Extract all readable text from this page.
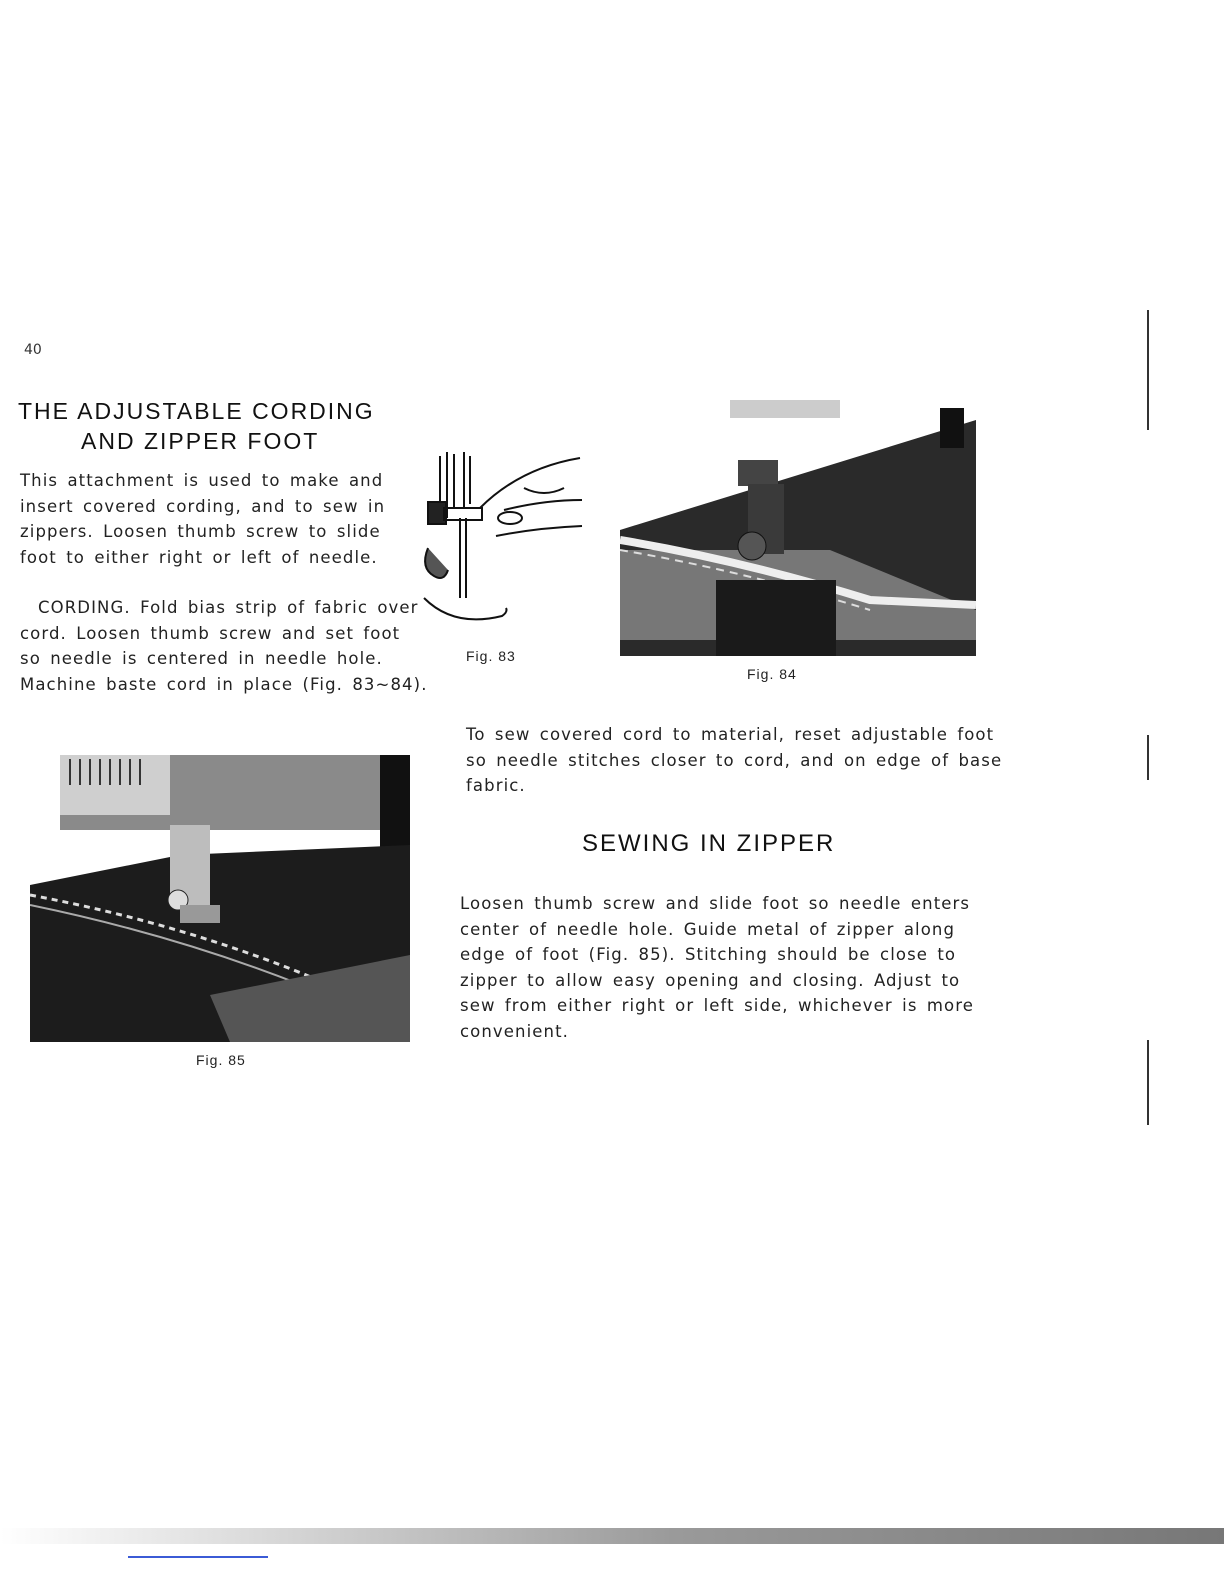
40
THE ADJUSTABLE CORDING
AND ZIPPER FOOT
This attachment is used to make and insert covered cording, and to sew in zippers. Loosen thumb screw to slide foot to either right or left of needle.
CORDING. Fold bias strip of fabric over cord. Loosen thumb screw and set foot so needle is centered in needle hole. Machine baste cord in place (Fig. 83~84).
Fig. 83
Fig. 84
To sew covered cord to material, reset adjustable foot so needle stitches closer to cord, and on edge of base fabric.
SEWING IN ZIPPER
Loosen thumb screw and slide foot so needle enters center of needle hole. Guide metal of zipper along edge of foot (Fig. 85). Stitching should be close to zipper to allow easy opening and closing. Adjust to sew from either right or left side, whichever is more convenient.
Fig. 85
